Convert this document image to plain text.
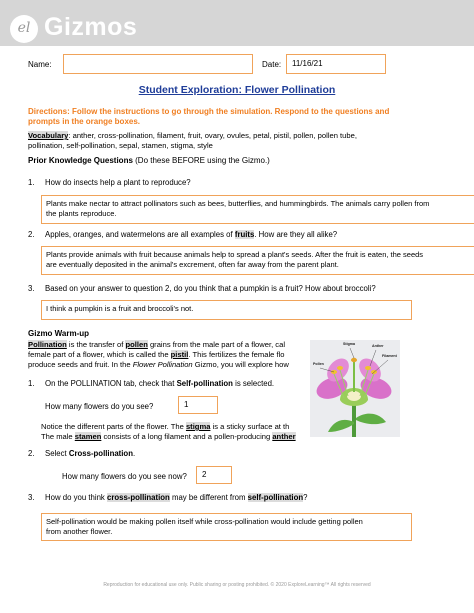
el Gizmos
Name:	Date: 11/16/21
Student Exploration: Flower Pollination
Directions: Follow the instructions to go through the simulation. Respond to the questions and
prompts in the orange boxes.
Vocabulary: anther, cross-pollination, filament, fruit, ovary, ovules, petal, pistil, pollen, pollen tube,
pollination, self-pollination, sepal, stamen, stigma, style
Prior Knowledge Questions (Do these BEFORE using the Gizmo.)
1. How do insects help a plant to reproduce?
Plants make nectar to attract pollinators such as bees, butterflies, and hummingbirds. The animals carry pollen from
the plants reproduce.
2. Apples, oranges, and watermelons are all examples of fruits. How are they all alike?
Plants provide animals with fruit because animals help to spread a plant's seeds. After the fruit is eaten, the seeds
are eventually deposited in the animal's excrement, often far away from the parent plant.
3. Based on your answer to question 2, do you think that a pumpkin is a fruit? How about broccoli?
I think a pumpkin is a fruit and broccoli's not.
Gizmo Warm-up
Pollination is the transfer of pollen grains from the male part of a flower, cal
female part of a flower, which is called the pistil. This fertilizes the female flo
produce seeds and fruit. In the Flower Pollination Gizmo, you will explore how
Stigma	Anther
Filament
Pollen
1. On the POLLINATION tab, check that Self-pollination is selected.
How many flowers do you see?	1
Notice the different parts of the flower. The stigma is a sticky surface at th
The male stamen consists of a long filament and a pollen-producing anther
2. Select Cross-pollination.
How many flowers do you see now? 2
3. How do you think cross-pollination may be different from self-pollination?
Self-pollination would be making pollen itself while cross-pollination would include getting pollen
from another flower.
Reproduction for educational use only. Public sharing or posting prohibited. © 2020 ExploreLearning™ All rights reserved
